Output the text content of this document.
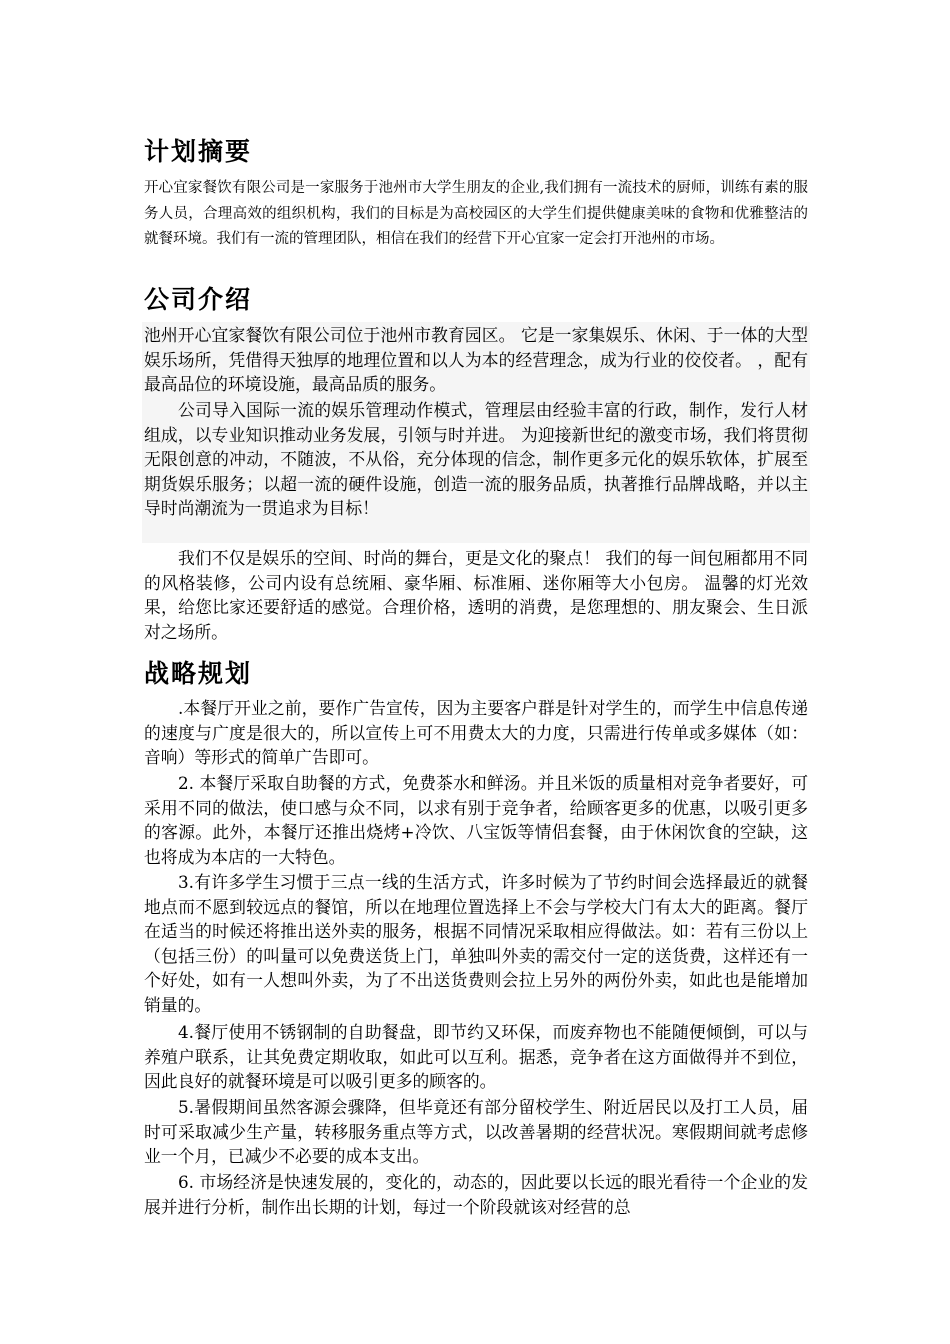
计划摘要

开心宜家餐饮有限公司是一家服务于池州市大学生朋友的企业,我们拥有一流技术的厨师，训练有素的服务人员，合理高效的组织机构，我们的目标是为高校园区的大学生们提供健康美味的食物和优雅整洁的就餐环境。我们有一流的管理团队，相信在我们的经营下开心宜家一定会打开池州的市场。

公司介绍

池州开心宜家餐饮有限公司位于池州市教育园区。 它是一家集娱乐、休闲、于一体的大型娱乐场所，凭借得天独厚的地理位置和以人为本的经营理念，成为行业的佼佼者。 ，配有最高品位的环境设施，最高品质的服务。

公司导入国际一流的娱乐管理动作模式，管理层由经验丰富的行政，制作，发行人材组成，以专业知识推动业务发展，引领与时并进。 为迎接新世纪的激变市场，我们将贯彻无限创意的冲动，不随波，不从俗，充分体现的信念，制作更多元化的娱乐软体，扩展至期货娱乐服务；以超一流的硬件设施，创造一流的服务品质，执著推行品牌战略，并以主导时尚潮流为一贯追求为目标！

我们不仅是娱乐的空间、时尚的舞台，更是文化的聚点！ 我们的每一间包厢都用不同的风格装修，公司内设有总统厢、豪华厢、标准厢、迷你厢等大小包房。 温馨的灯光效果，给您比家还要舒适的感觉。合理价格，透明的消费，是您理想的、朋友聚会、生日派对之场所。

战略规划

.本餐厅开业之前，要作广告宣传，因为主要客户群是针对学生的，而学生中信息传递的速度与广度是很大的，所以宣传上可不用费太大的力度，只需进行传单或多媒体（如：音响）等形式的简单广告即可。

2. 本餐厅采取自助餐的方式，免费茶水和鲜汤。并且米饭的质量相对竞争者要好，可采用不同的做法，使口感与众不同，以求有别于竞争者，给顾客更多的优惠，以吸引更多的客源。此外，本餐厅还推出烧烤+冷饮、八宝饭等情侣套餐，由于休闲饮食的空缺，这也将成为本店的一大特色。

3.有许多学生习惯于三点一线的生活方式，许多时候为了节约时间会选择最近的就餐地点而不愿到较远点的餐馆，所以在地理位置选择上不会与学校大门有太大的距离。餐厅在适当的时候还将推出送外卖的服务，根据不同情况采取相应得做法。如：若有三份以上（包括三份）的叫量可以免费送货上门，单独叫外卖的需交付一定的送货费，这样还有一个好处，如有一人想叫外卖，为了不出送货费则会拉上另外的两份外卖，如此也是能增加销量的。

4.餐厅使用不锈钢制的自助餐盘，即节约又环保，而废弃物也不能随便倾倒，可以与养殖户联系，让其免费定期收取，如此可以互利。据悉，竞争者在这方面做得并不到位，因此良好的就餐环境是可以吸引更多的顾客的。

5.暑假期间虽然客源会骤降，但毕竟还有部分留校学生、附近居民以及打工人员，届时可采取减少生产量，转移服务重点等方式，以改善暑期的经营状况。寒假期间就考虑修业一个月，已减少不必要的成本支出。

6. 市场经济是快速发展的，变化的，动态的，因此要以长远的眼光看待一个企业的发展并进行分析，制作出长期的计划，每过一个阶段就该对经营的总
